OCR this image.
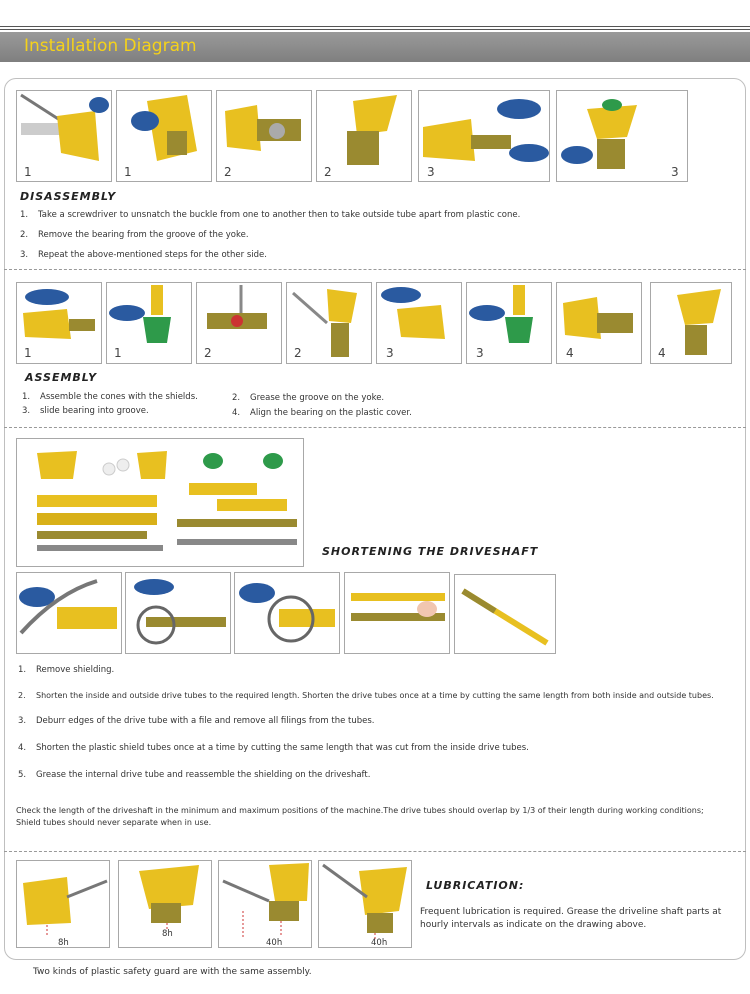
Installation Diagram
1	1	2	2	3	3
DISASSEMBLY
1. Take a screwdriver to unsnatch the buckle from one to another then to take outside tube apart from plastic cone.
2. Remove the bearing from the groove of the yoke.
3. Repeat the above-mentioned steps for the other side.
1	1	2	2	3	3	4	4
ASSEMBLY
1. Assemble the cones with the shields.	2. Grease the groove on the yoke.
3. slide bearing into groove.	4. Align the bearing on the plastic cover.
SHORTENING THE DRIVESHAFT
1. Remove shielding.
2. Shorten the inside and outside drive tubes to the required length. Shorten the drive tubes once at a time by cutting the same length from both inside and outside tubes.
3. Deburr edges of the drive tube with a file and remove all filings from the tubes.
4. Shorten the plastic shield tubes once at a time by cutting the same length that was cut from the inside drive tubes.
5. Grease the internal drive tube and reassemble the shielding on the driveshaft.
Check the length of the driveshaft in the minimum and maximum positions of the machine.The drive tubes should overlap by 1/3 of their length during working conditions;
Shield tubes should never separate when in use.
8h
8h
40h	40h
LUBRICATION:
Frequent lubrication is required. Grease the driveline shaft parts at
hourly intervals as indicate on the drawing above.
Two kinds of plastic safety guard are with the same assembly.
